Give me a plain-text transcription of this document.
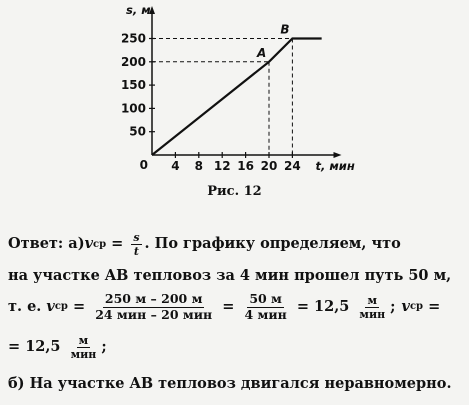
4 8 12 16 20 24
50
100
150
200
250
0
s, м
t, мин
A
B
Рис. 12
Ответ: а) v ср = $\frac{s}{t}$ . По графику определяем, что
на участке AB тепловоз за 4 мин прошел путь 50 м,
т. е. v ср = $\frac{250 м - 200 м}{\text{24 мин – 20 мин}} = \frac{50 м}{\text{4 мин}} = 12,5 \frac{м}{\text{мин}}$ ; v ср =
= $12,5 \frac{м}{\text{мин}}$ ;
б) На участке AB тепловоз двигался неравномерно.
